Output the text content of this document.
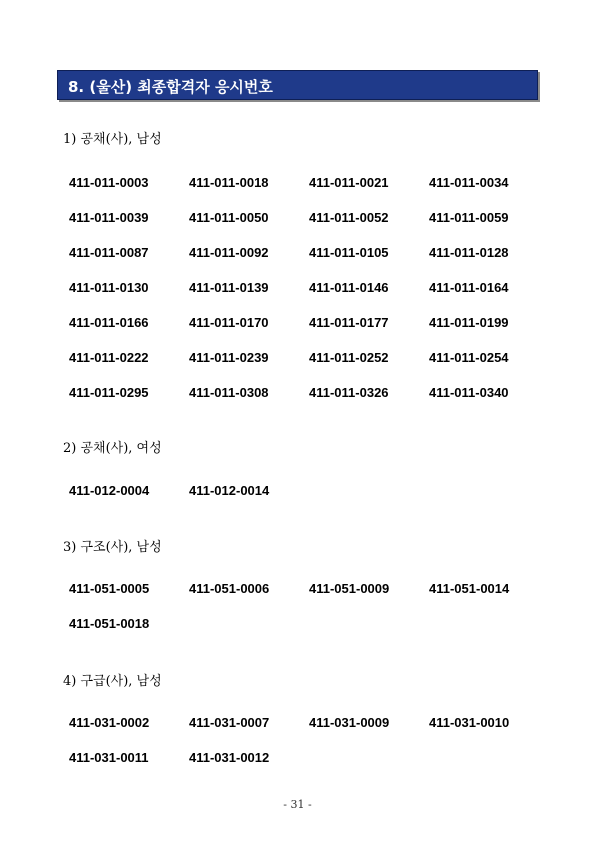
8. (울산) 최종합격자 응시번호
1) 공채(사), 남성
411-011-0003	411-011-0018	411-011-0021	411-011-0034
411-011-0039	411-011-0050	411-011-0052	411-011-0059
411-011-0087	411-011-0092	411-011-0105	411-011-0128
411-011-0130	411-011-0139	411-011-0146	411-011-0164
411-011-0166	411-011-0170	411-011-0177	411-011-0199
411-011-0222	411-011-0239	411-011-0252	411-011-0254
411-011-0295	411-011-0308	411-011-0326	411-011-0340
2) 공채(사), 여성
411-012-0004	411-012-0014
3) 구조(사), 남성
411-051-0005	411-051-0006	411-051-0009	411-051-0014
411-051-0018
4) 구급(사), 남성
411-031-0002	411-031-0007	411-031-0009	411-031-0010
411-031-0011	411-031-0012
- 31 -
